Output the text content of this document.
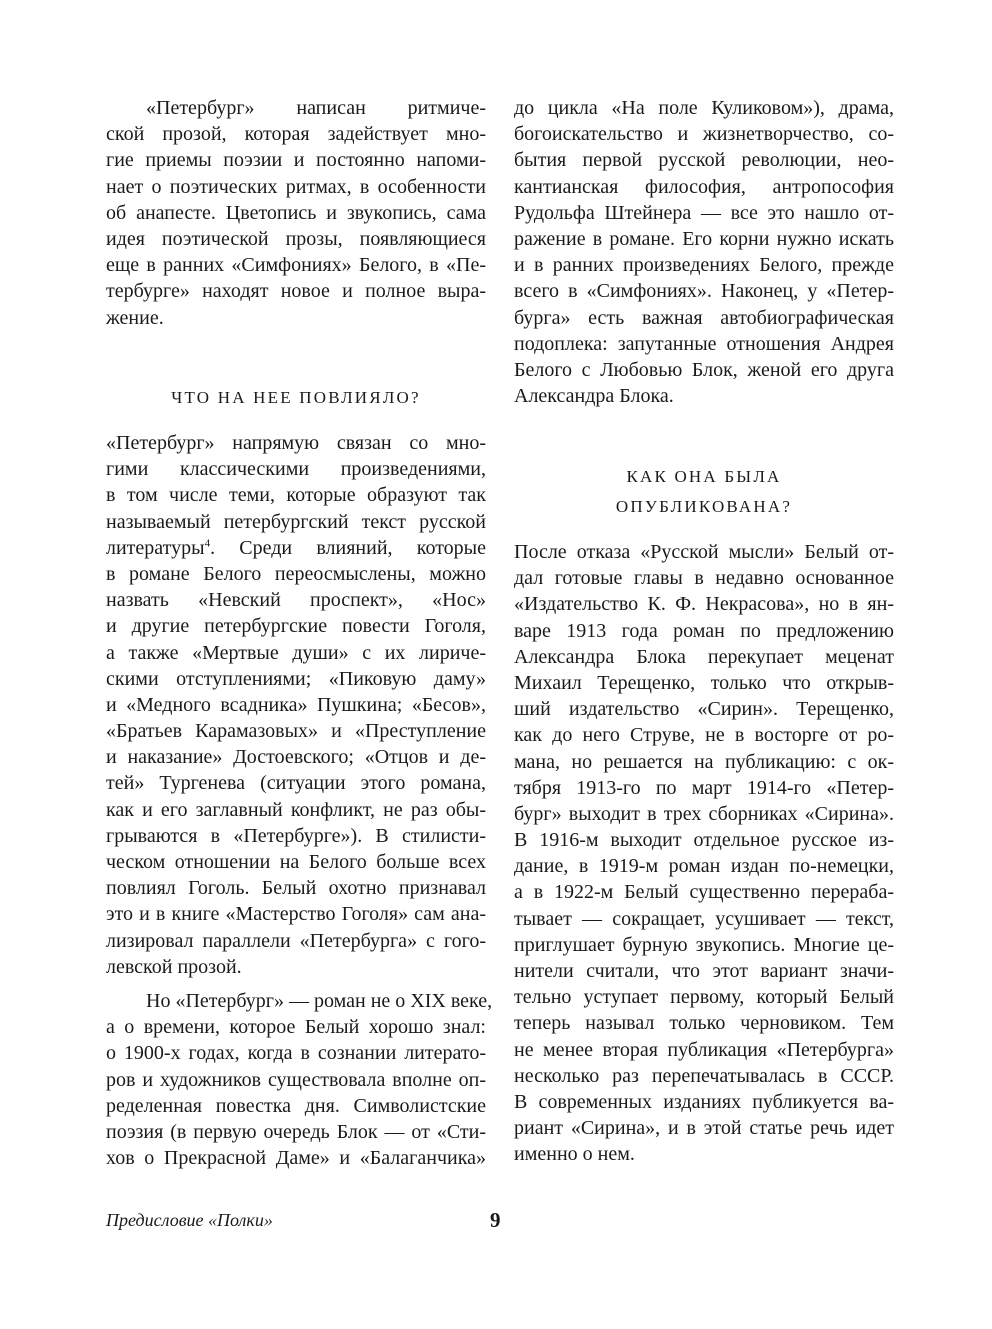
«Петербург» написан ритмиче-
ской прозой, которая задействует мно-
гие приемы поэзии и постоянно напоми-
нает о поэтических ритмах, в особенности
об анапесте. Цветопись и звукопись, сама
идея поэтической прозы, появляющиеся
еще в ранних «Симфониях» Белого, в «Пе-
тербурге» находят новое и полное выра-
жение.
ЧТО НА НЕЕ ПОВЛИЯЛО?
«Петербург» напрямую связан со мно-
гими классическими произведениями,
в том числе теми, которые образуют так
называемый петербургский текст русской
литературы$^4$. Среди влияний, которые
в романе Белого переосмыслены, можно
назвать «Невский проспект», «Нос»
и другие петербургские повести Гоголя,
а также «Мертвые души» с их лириче-
скими отступлениями; «Пиковую даму»
и «Медного всадника» Пушкина; «Бесов»,
«Братьев Карамазовых» и «Преступление
и наказание» Достоевского; «Отцов и де-
тей» Тургенева (ситуации этого романа,
как и его заглавный конфликт, не раз обы-
грываются в «Петербурге»). В стилисти-
ческом отношении на Белого больше всех
повлиял Гоголь. Белый охотно признавал
это и в книге «Мастерство Гоголя» сам ана-
лизировал параллели «Петербурга» с гого-
левской прозой.
Но «Петербург» — роман не о XIX веке,
а о времени, которое Белый хорошо знал:
о 1900-х годах, когда в сознании литерато-
ров и художников существовала вполне оп-
ределенная повестка дня. Символистские
поэзия (в первую очередь Блок — от «Сти-
хов о Прекрасной Даме» и «Балаганчика»
до цикла «На поле Куликовом»), драма,
богоискательство и жизнетворчество, со-
бытия первой русской революции, нео-
кантианская философия, антропософия
Рудольфа Штейнера — все это нашло от-
ражение в романе. Его корни нужно искать
и в ранних произведениях Белого, прежде
всего в «Симфониях». Наконец, у «Петер-
бурга» есть важная автобиографическая
подоплека: запутанные отношения Андрея
Белого с Любовью Блок, женой его друга
Александра Блока.
КАК ОНА БЫЛА
ОПУБЛИКОВАНА?
После отказа «Русской мысли» Белый от-
дал готовые главы в недавно основанное
«Издательство К. Ф. Некрасова», но в ян-
варе 1913 года роман по предложению
Александра Блока перекупает меценат
Михаил Терещенко, только что открыв-
ший издательство «Сирин». Терещенко,
как до него Струве, не в восторге от ро-
мана, но решается на публикацию: с ок-
тября 1913-го по март 1914-го «Петер-
бург» выходит в трех сборниках «Сирина».
В 1916-м выходит отдельное русское из-
дание, в 1919-м роман издан по-немецки,
а в 1922-м Белый существенно перераба-
тывает — сокращает, усушивает — текст,
приглушает бурную звукопись. Многие це-
нители считали, что этот вариант значи-
тельно уступает первому, который Белый
теперь называл только черновиком. Тем
не менее вторая публикация «Петербурга»
несколько раз перепечатывалась в СССР.
В современных изданиях публикуется ва-
риант «Сирина», и в этой статье речь идет
именно о нем.
Предисловие «Полки»	9
